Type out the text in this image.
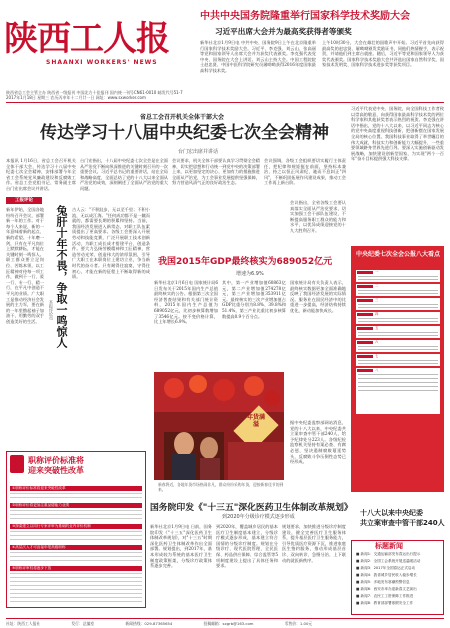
陕西工人报
SHAANXI WORKERS' NEWS
陕西省总工会主管主办 陕西省一级报刊 中国北方十佳报刊 国内统一刊号CN61-0010 邮发代号51-7
2017年1月18日 星期三 农历丙申年十二月廿一日 网址：www.sxworker.com
中共中央国务院隆重举行国家科学技术奖励大会
习近平出席大会并为最高奖获得者等颁奖
新华社北京1月9日电 中共中央、国务院9日上午在北京隆重举行国家科学技术奖励大会。习近平、李克强、刘云山、张高丽等党和国家领导人出席大会并为获奖代表颁奖。李克强代表党中央、国务院在大会上讲话。刘云山主持大会。中国工程院院士赵忠贤、中国中医科学院研究员屠呦呦获得2016年度国家最高科学技术奖。
上午10时30分，大会在雄壮的国歌声中开始。习近平首先向获得最高奖的赵忠贤、屠呦呦颁发奖励证书，同他们热情握手，表示祝贺，并请他们到主席台就座。随后，习近平等党和国家领导人为获奖代表颁奖。国家科学技术奖励大会共评选出国家自然科学奖、国家技术发明奖、国家科学技术进步奖等获奖项目。
省总工会召开机关全体干部大会
传达学习十八届中央纪委七次全会精神
台门宏出席并讲话
本报讯 1月16日，省总工会召开机关全体干部大会，传达学习十八届中央纪委七次全会精神，安排部署今年全省工会系统党风廉政建设和反腐败工作。省总工会党组书记、常务副主席台门宏出席会议并讲话。
台门宏指出，十八届中央纪委七次全会是在全面从严治党不断向纵深推进的关键时刻召开的一次重要会议。习近平总书记的重要讲话，站在全局和战略高度，全面总结了党的十八大以来全面从严治党的成效，深刻阐述了全面从严治党的重大问题。
会议要求，机关全体干部要认真学习贯彻全会精神，切实把思想和行动统一到党中央的决策部署上来，以更加坚定的决心、更加有力的措施推进全面从严治党，为工会事业发展提供坚强保障，努力营造风清气正的良好政治生态。
会议强调，各级工会组织要切实履行主体责任，把纪律和规矩挺在前面，坚持标本兼治，持之以恒正风肃纪，驰而不息纠正"四风"，不断巩固拓展作风建设成果，推动工会工作再上新台阶。
工报评论
兔肝十年不畏，争取一鸣惊人
本报评论员
新年伊始，全国各地纷纷召开会议，部署新一年的工作。对于每个人来说，新的一年意味着新的起点、新的希望。十年磨一剑，只有在平凡岗位上默默耕耘，才能在关键时刻一鸣惊人。职工群众要立足岗位、苦练本领，以工匠精神对待每一项工作，做到干一行、爱一行、专一行、精一行，在平凡中创造不平凡的业绩。广大职工是推动经济社会发展的主力军，要在新的一年里撸起袖子加油干，用勤劳的双手创造美好的生活。
古人云："不积跬步，无以至千里；不积小流，无以成江海。"任何成功都不是一蹴而就的，都需要长期的积累和坚持。当前，我国经济发展进入新常态，对职工队伍素质提出了更高要求。各级工会要深入开展劳动和技能竞赛，广泛开展职工技术创新活动，为职工成长成才搭建平台、创造条件。要大力弘扬劳模精神和工匠精神，营造劳动光荣、创造伟大的浓厚氛围，引导广大职工在本职岗位上建功立业，争当新时代的奋斗者。只有耐得住寂寞，守得住初心，才能在新的征程上不断取得新的成绩。
我国2015年GDP最终核实为689052亿元
增速为6.9%
新华社北京1月6日电 国家统计局6日发布关于2015年国内生产总值最终核实的公告。根据第三次全国经济普查结果和有关部门统计资料，2015年国内生产总值为689052亿元，比初步核算数增加了3546亿元。按不变价格计算，比上年增长6.9%。
其中，第一产业增加值60863亿元，第二产业增加值274278亿元，第三产业增加值353911亿元。最终核实的三次产业增加值占GDP比重分别为8.8%、39.8%和51.4%，第三产业比重比初步核算数提高0.9个百分点。
国家统计局有关负责人表示，最终核实数据更加全面准确地反映了我国经济发展的实际情况。服务业在国民经济中的比重进一步提高，经济结构持续优化，新动能加快成长。
年货满溢
新春将近，各地年货市场热闹非凡，群众纷纷采购年货，迎接新春佳节的到来。
会议指出，全省各级工会要认真落实全面从严治党要求，切实加强工会干部队伍建设，不断提高服务职工群众的能力和水平，以优异成绩迎接党的十九大胜利召开。
习近平代表党中央、国务院，向全国科技工作者致以崇高的敬意，向获得国家最高科学技术奖的两位科学家和其他获奖者表示热烈的祝贺。李克强在讲话中指出，党的十八大以来，以习近平同志为核心的党中央高度重视科技创新，把创新摆在国家发展全局的核心位置。我国科技事业取得了举世瞩目的伟大成就，科技实力和创新能力大幅提升，一些重要领域跻身世界先进行列。要深入实施创新驱动发展战略，加快建设创新型国家，为实现"两个一百年"奋斗目标提供强大科技支撑。
中央纪委七次全会公报八大看点
一
二
三
四
五
六
七
八
职称评价标准将
迎来突破性改革
①职称评价标准将迎来突破性改革
②职称评价将更加注重品德能力业绩
③探索建立以同行专家评审为基础的业内评价机制
④高层次人才可直接申报高级职称
⑤职称评审权将逐步下放
国务院印发《"十三五"深化医药卫生体制改革规划》
到2020年分级诊疗模式逐步形成
新华社北京1月9日电 日前，国务院印发《"十三五"深化医药卫生体制改革规划》，对"十三五"时期深化医药卫生体制改革作出全面部署。规划提出，到2017年，基本形成较为系统的基本医疗卫生制度政策框架，分级诊疗政策体系逐步完善。
到2020年，覆盖城乡居民的基本医疗卫生制度基本建立，分级诊疗模式逐步形成，基本建立符合国情的分级诊疗制度。规划在分级诊疗、现代医院管理、全民医保、药品供应保障、综合监管等5项制度建设上提出了具体任务和要求。
规划要求，加快推进分级诊疗制度建设，健全完善医疗卫生服务体系，提升基层医疗卫生服务能力，引导优质医疗资源下沉，推进家庭医生签约服务，推动形成基层首诊、双向转诊、急慢分治、上下联动的就医新秩序。
十八大以来中央纪委
共立案审查中管干部240人
据中央纪委监察部网站消息，党的十八大以来，中央纪委共立案审查中管干部240人，给予纪律处分223人。各级纪检监察机关坚持有案必查、有腐必惩，坚决遏制腐败蔓延势头，反腐败斗争压倒性态势已经形成。
标题新闻
■ 新闻1：交通运输部发布春运出行提示
■ 新闻2：全国工会系统开展送温暖活动
■ 新闻3：2017年全国春运正式启动
■ 新闻4：我省城乡居民收入稳步增长
■ 新闻5：多地发布寒潮预警信息
■ 新闻6：西安市举办迎新春文艺演出
■ 新闻7：农民工工资保障工作推进
■ 新闻8：教育部部署寒假安全工作
社址：陕西工人报社	发行：总编室	新闻热线：029-87365654	投稿邮箱：sxgrb@163.com	零售价：1.00元
